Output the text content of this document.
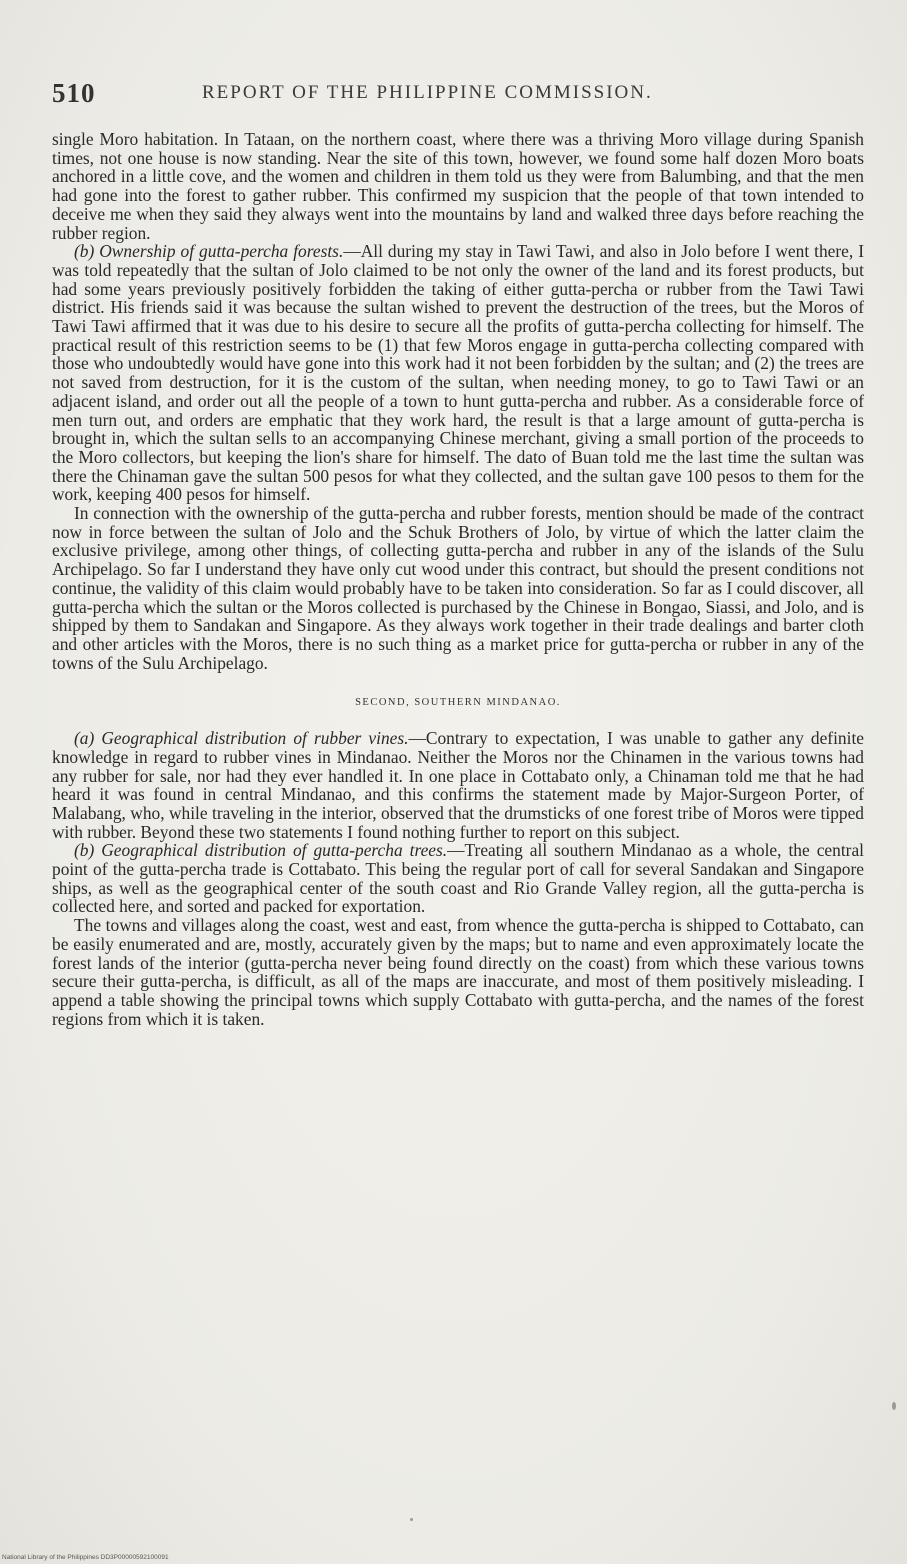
510	REPORT OF THE PHILIPPINE COMMISSION.

single Moro habitation. In Tataan, on the northern coast, where there was a thriving Moro village during Spanish times, not one house is now standing. Near the site of this town, however, we found some half dozen Moro boats anchored in a little cove, and the women and children in them told us they were from Balumbing, and that the men had gone into the forest to gather rubber. This confirmed my suspicion that the people of that town intended to deceive me when they said they always went into the mountains by land and walked three days before reaching the rubber region.

(b) Ownership of gutta-percha forests.—All during my stay in Tawi Tawi, and also in Jolo before I went there, I was told repeatedly that the sultan of Jolo claimed to be not only the owner of the land and its forest products, but had some years previously positively forbidden the taking of either gutta-percha or rubber from the Tawi Tawi district. His friends said it was because the sultan wished to prevent the destruction of the trees, but the Moros of Tawi Tawi affirmed that it was due to his desire to secure all the profits of gutta-percha collecting for himself. The practical result of this restriction seems to be (1) that few Moros engage in gutta-percha collecting compared with those who undoubtedly would have gone into this work had it not been forbidden by the sultan; and (2) the trees are not saved from destruction, for it is the custom of the sultan, when needing money, to go to Tawi Tawi or an adjacent island, and order out all the people of a town to hunt gutta-percha and rubber. As a considerable force of men turn out, and orders are emphatic that they work hard, the result is that a large amount of gutta-percha is brought in, which the sultan sells to an accompanying Chinese merchant, giving a small portion of the proceeds to the Moro collectors, but keeping the lion's share for himself. The dato of Buan told me the last time the sultan was there the Chinaman gave the sultan 500 pesos for what they collected, and the sultan gave 100 pesos to them for the work, keeping 400 pesos for himself.

In connection with the ownership of the gutta-percha and rubber forests, mention should be made of the contract now in force between the sultan of Jolo and the Schuk Brothers of Jolo, by virtue of which the latter claim the exclusive privilege, among other things, of collecting gutta-percha and rubber in any of the islands of the Sulu Archipelago. So far I understand they have only cut wood under this contract, but should the present conditions not continue, the validity of this claim would probably have to be taken into consideration. So far as I could discover, all gutta-percha which the sultan or the Moros collected is purchased by the Chinese in Bongao, Siassi, and Jolo, and is shipped by them to Sandakan and Singapore. As they always work together in their trade dealings and barter cloth and other articles with the Moros, there is no such thing as a market price for gutta-percha or rubber in any of the towns of the Sulu Archipelago.

SECOND, SOUTHERN MINDANAO.

(a) Geographical distribution of rubber vines.—Contrary to expectation, I was unable to gather any definite knowledge in regard to rubber vines in Mindanao. Neither the Moros nor the Chinamen in the various towns had any rubber for sale, nor had they ever handled it. In one place in Cottabato only, a Chinaman told me that he had heard it was found in central Mindanao, and this confirms the statement made by Major-Surgeon Porter, of Malabang, who, while traveling in the interior, observed that the drumsticks of one forest tribe of Moros were tipped with rubber. Beyond these two statements I found nothing further to report on this subject.

(b) Geographical distribution of gutta-percha trees.—Treating all southern Mindanao as a whole, the central point of the gutta-percha trade is Cottabato. This being the regular port of call for several Sandakan and Singapore ships, as well as the geographical center of the south coast and Rio Grande Valley region, all the gutta-percha is collected here, and sorted and packed for exportation.

The towns and villages along the coast, west and east, from whence the gutta-percha is shipped to Cottabato, can be easily enumerated and are, mostly, accurately given by the maps; but to name and even approximately locate the forest lands of the interior (gutta-percha never being found directly on the coast) from which these various towns secure their gutta-percha, is difficult, as all of the maps are inaccurate, and most of them positively misleading. I append a table showing the principal towns which supply Cottabato with gutta-percha, and the names of the forest regions from which it is taken.

National Library of the Philippines DD3P00000592100091
